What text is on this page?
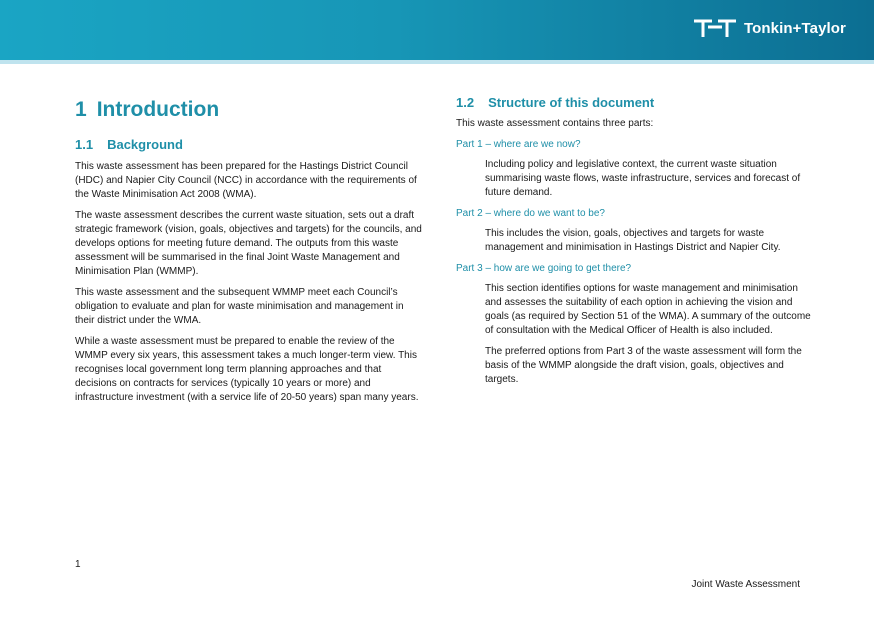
Tonkin+Taylor
1 Introduction
1.1 Background

This waste assessment has been prepared for the Hastings District Council (HDC) and Napier City Council (NCC) in accordance with the requirements of the Waste Minimisation Act 2008 (WMA).

The waste assessment describes the current waste situation, sets out a draft strategic framework (vision, goals, objectives and targets) for the councils, and develops options for meeting future demand. The outputs from this waste assessment will be summarised in the final Joint Waste Management and Minimisation Plan (WMMP).

This waste assessment and the subsequent WMMP meet each Council’s obligation to evaluate and plan for waste minimisation and management in their district under the WMA.

While a waste assessment must be prepared to enable the review of the WMMP every six years, this assessment takes a much longer-term view. This recognises local government long term planning approaches and that decisions on contracts for services (typically 10 years or more) and infrastructure investment (with a service life of 20-50 years) span many years.

1.2 Structure of this document

This waste assessment contains three parts:

Part 1 – where are we now?

Including policy and legislative context, the current waste situation summarising waste flows, waste infrastructure, services and forecast of future demand.

Part 2 – where do we want to be?

This includes the vision, goals, objectives and targets for waste management and minimisation in Hastings District and Napier City.

Part 3 – how are we going to get there?

This section identifies options for waste management and minimisation and assesses the suitability of each option in achieving the vision and goals (as required by Section 51 of the WMA). A summary of the outcome of consultation with the Medical Officer of Health is also included.

The preferred options from Part 3 of the waste assessment will form the basis of the WMMP alongside the draft vision, goals, objectives and targets.

1
Joint Waste Assessment
